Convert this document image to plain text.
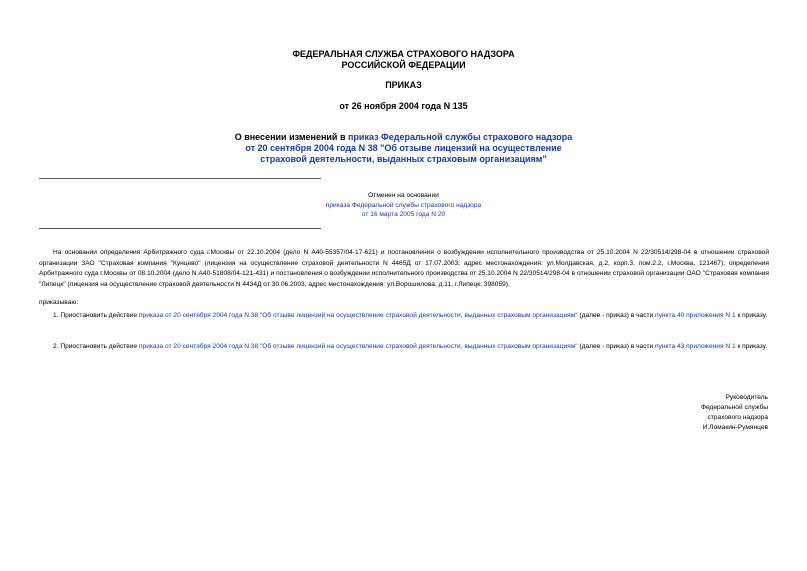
ФЕДЕРАЛЬНАЯ СЛУЖБА СТРАХОВОГО НАДЗОРА
РОССИЙСКОЙ ФЕДЕРАЦИИ
ПРИКАЗ
от 26 ноября 2004 года N 135
О внесении изменений в приказ Федеральной службы страхового надзора
от 20 сентября 2004 года N 38 "Об отзыве лицензий на осуществление
страховой деятельности, выданных страховым организациям"
Отменен на основании
приказа Федеральной службы страхового надзора
от 16 марта 2005 года N 20
На основании определения Арбитражного суда г.Москвы от 22.10.2004 (дело N А40-55357/04-17-621) и постановления о возбуждении исполнительного производства от 25.10.2004 N 22/30514/298-04 в отношении страховой организации ЗАО "Страховая компания "Кунцево" (лицензия на осуществление страховой деятельности N 4465Д от 17.07.2003, адрес местонахождения: ул.Молдавская, д.2, корп.3, пом.2.2, г.Москва, 121467); определения Арбитражного суда г.Москвы от 08.10.2004 (дело N А40-51808/04-121-431) и постановления о возбуждении исполнительного производства от 25.10.2004 N 22/30514/298-04 в отношении страховой организации ОАО "Страховая компания "Липецк" (лицензия на осуществление страховой деятельности N 4434Д от 30.06.2003, адрес местонахождения: ул.Ворошилова, д.11, г.Липецк, 398059),
приказываю:
1. Приостановить действие приказа от 20 сентября 2004 года N 38 "Об отзыве лицензий на осуществление страховой деятельности, выданных страховым организациям" (далее - приказ) в части пункта 40 приложения N 1 к приказу.
2. Приостановить действие приказа от 20 сентября 2004 года N 38 "Об отзыве лицензий на осуществление страховой деятельности, выданных страховым организациям" (далее - приказ) в части пункта 43 приложения N 1 к приказу.
Руководитель
Федеральной службы
страхового надзора
И.Ломакин-Румянцев
